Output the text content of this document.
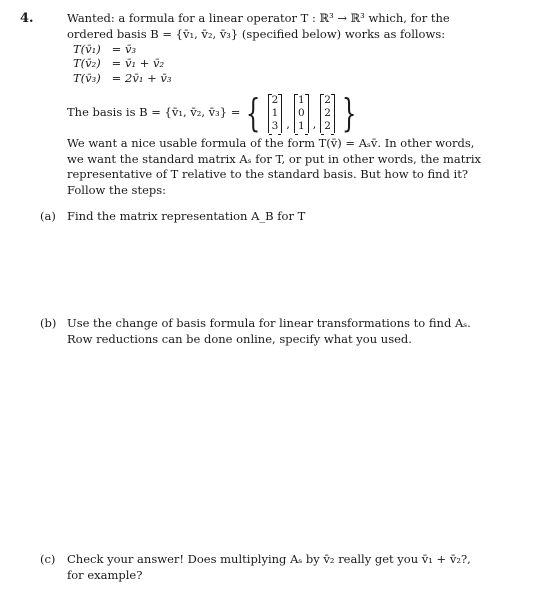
4.	Wanted: a formula for a linear operator T : ℝ³ → ℝ³ which, for the ordered basis B = {v̄₁, v̄₂, v̄₃} (specified below) works as follows:
T(v̄₁) = v̄₃
T(v̄₂) = v̄₁ + v̄₂
T(v̄₃) = 2v̄₁ + v̄₃
The basis is B = {v̄₁, v̄₂, v̄₃} = { 2
1
3 ,
1
0
1 ,
2
2
2 }
We want a nice usable formula of the form T(v̄) = Aₛv̄. In other words, we want the standard matrix Aₛ for T, or put in other words, the matrix representative of T relative to the standard basis. But how to find it? Follow the steps:
(a) Find the matrix representation A_B for T
(b) Use the change of basis formula for linear transformations to find Aₛ. Row reductions can be done online, specify what you used.
(c)	Check your answer! Does multiplying Aₛ by v̄₂ really get you v̄₁ + v̄₂?, for example?
